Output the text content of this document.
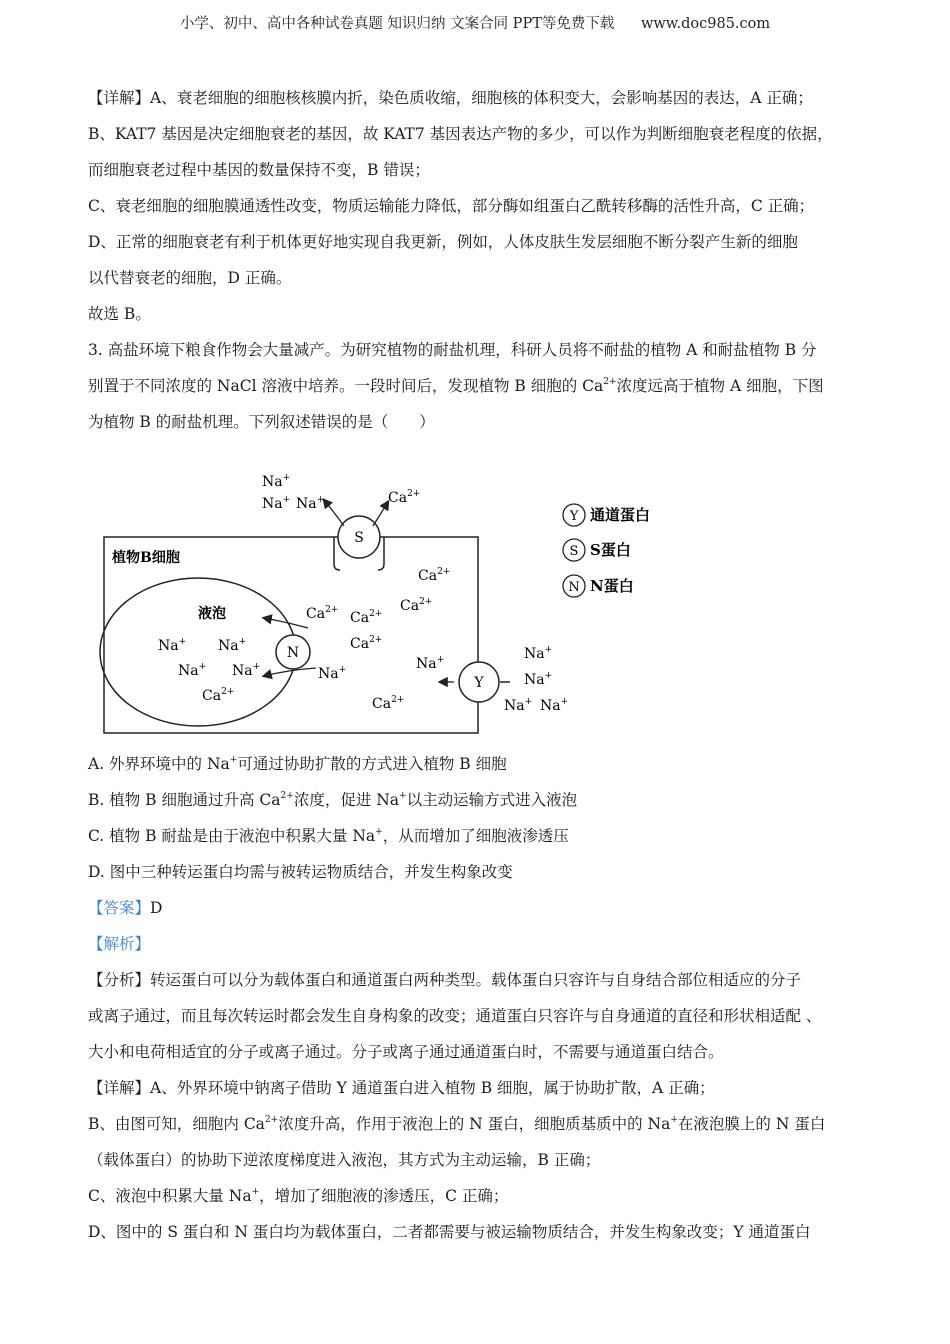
小学、初中、高中各种试卷真题 知识归纳 文案合同 PPT等免费下载 www.doc985.com

【详解】A、衰老细胞的细胞核核膜内折，染色质收缩，细胞核的体积变大，会影响基因的表达，A 正确；

B、KAT7 基因是决定细胞衰老的基因，故 KAT7 基因表达产物的多少，可以作为判断细胞衰老程度的依据，

而细胞衰老过程中基因的数量保持不变，B 错误；

C、衰老细胞的细胞膜通透性改变，物质运输能力降低，部分酶如组蛋白乙酰转移酶的活性升高，C 正确；

D、正常的细胞衰老有利于机体更好地实现自我更新，例如，人体皮肤生发层细胞不断分裂产生新的细胞

以代替衰老的细胞，D 正确。

故选 B。

3. 高盐环境下粮食作物会大量减产。为研究植物的耐盐机理，科研人员将不耐盐的植物 A 和耐盐植物 B 分

别置于不同浓度的 NaCl 溶液中培养。一段时间后，发现植物 B 细胞的 $Ca^{2+}$浓度远高于植物 A 细胞，下图

为植物 B 的耐盐机理。下列叙述错误的是（　　）

植物B细胞
液泡
S
Na+
Na+ Na+	$Ca^{2+}$
$Ca^{2+}$
$Ca^{2+}$
$Ca^{2+}$
$Ca^{2+}$
$Ca^{2+}$
$Ca^{2+}$
Na+
Na+
Na+ Na+
Na+ Na+
$Ca^{2+}$
N
Y
Na+
Na+
Na+ Na+
Y 通道蛋白
S S蛋白
N N蛋白

A. 外界环境中的 Na+可通过协助扩散的方式进入植物 B 细胞

B. 植物 B 细胞通过升高 $Ca^{2+}$浓度，促进 Na+以主动运输方式进入液泡

C. 植物 B 耐盐是由于液泡中积累大量 Na+，从而增加了细胞液渗透压

D. 图中三种转运蛋白均需与被转运物质结合，并发生构象改变

【答案】D

【解析】

【分析】转运蛋白可以分为载体蛋白和通道蛋白两种类型。载体蛋白只容许与自身结合部位相适应的分子

或离子通过，而且每次转运时都会发生自身构象的改变；通道蛋白只容许与自身通道的直径和形状相适配 、

大小和电荷相适宜的分子或离子通过。分子或离子通过通道蛋白时，不需要与通道蛋白结合。

【详解】A、外界环境中钠离子借助 Y 通道蛋白进入植物 B 细胞，属于协助扩散，A 正确；

B、由图可知，细胞内 $Ca^{2+}$浓度升高，作用于液泡上的 N 蛋白，细胞质基质中的 Na+在液泡膜上的 N 蛋白

（载体蛋白）的协助下逆浓度梯度进入液泡，其方式为主动运输，B 正确；

C、液泡中积累大量 Na+，增加了细胞液的渗透压，C 正确；

D、图中的 S 蛋白和 N 蛋白均为载体蛋白，二者都需要与被运输物质结合，并发生构象改变；Y 通道蛋白
